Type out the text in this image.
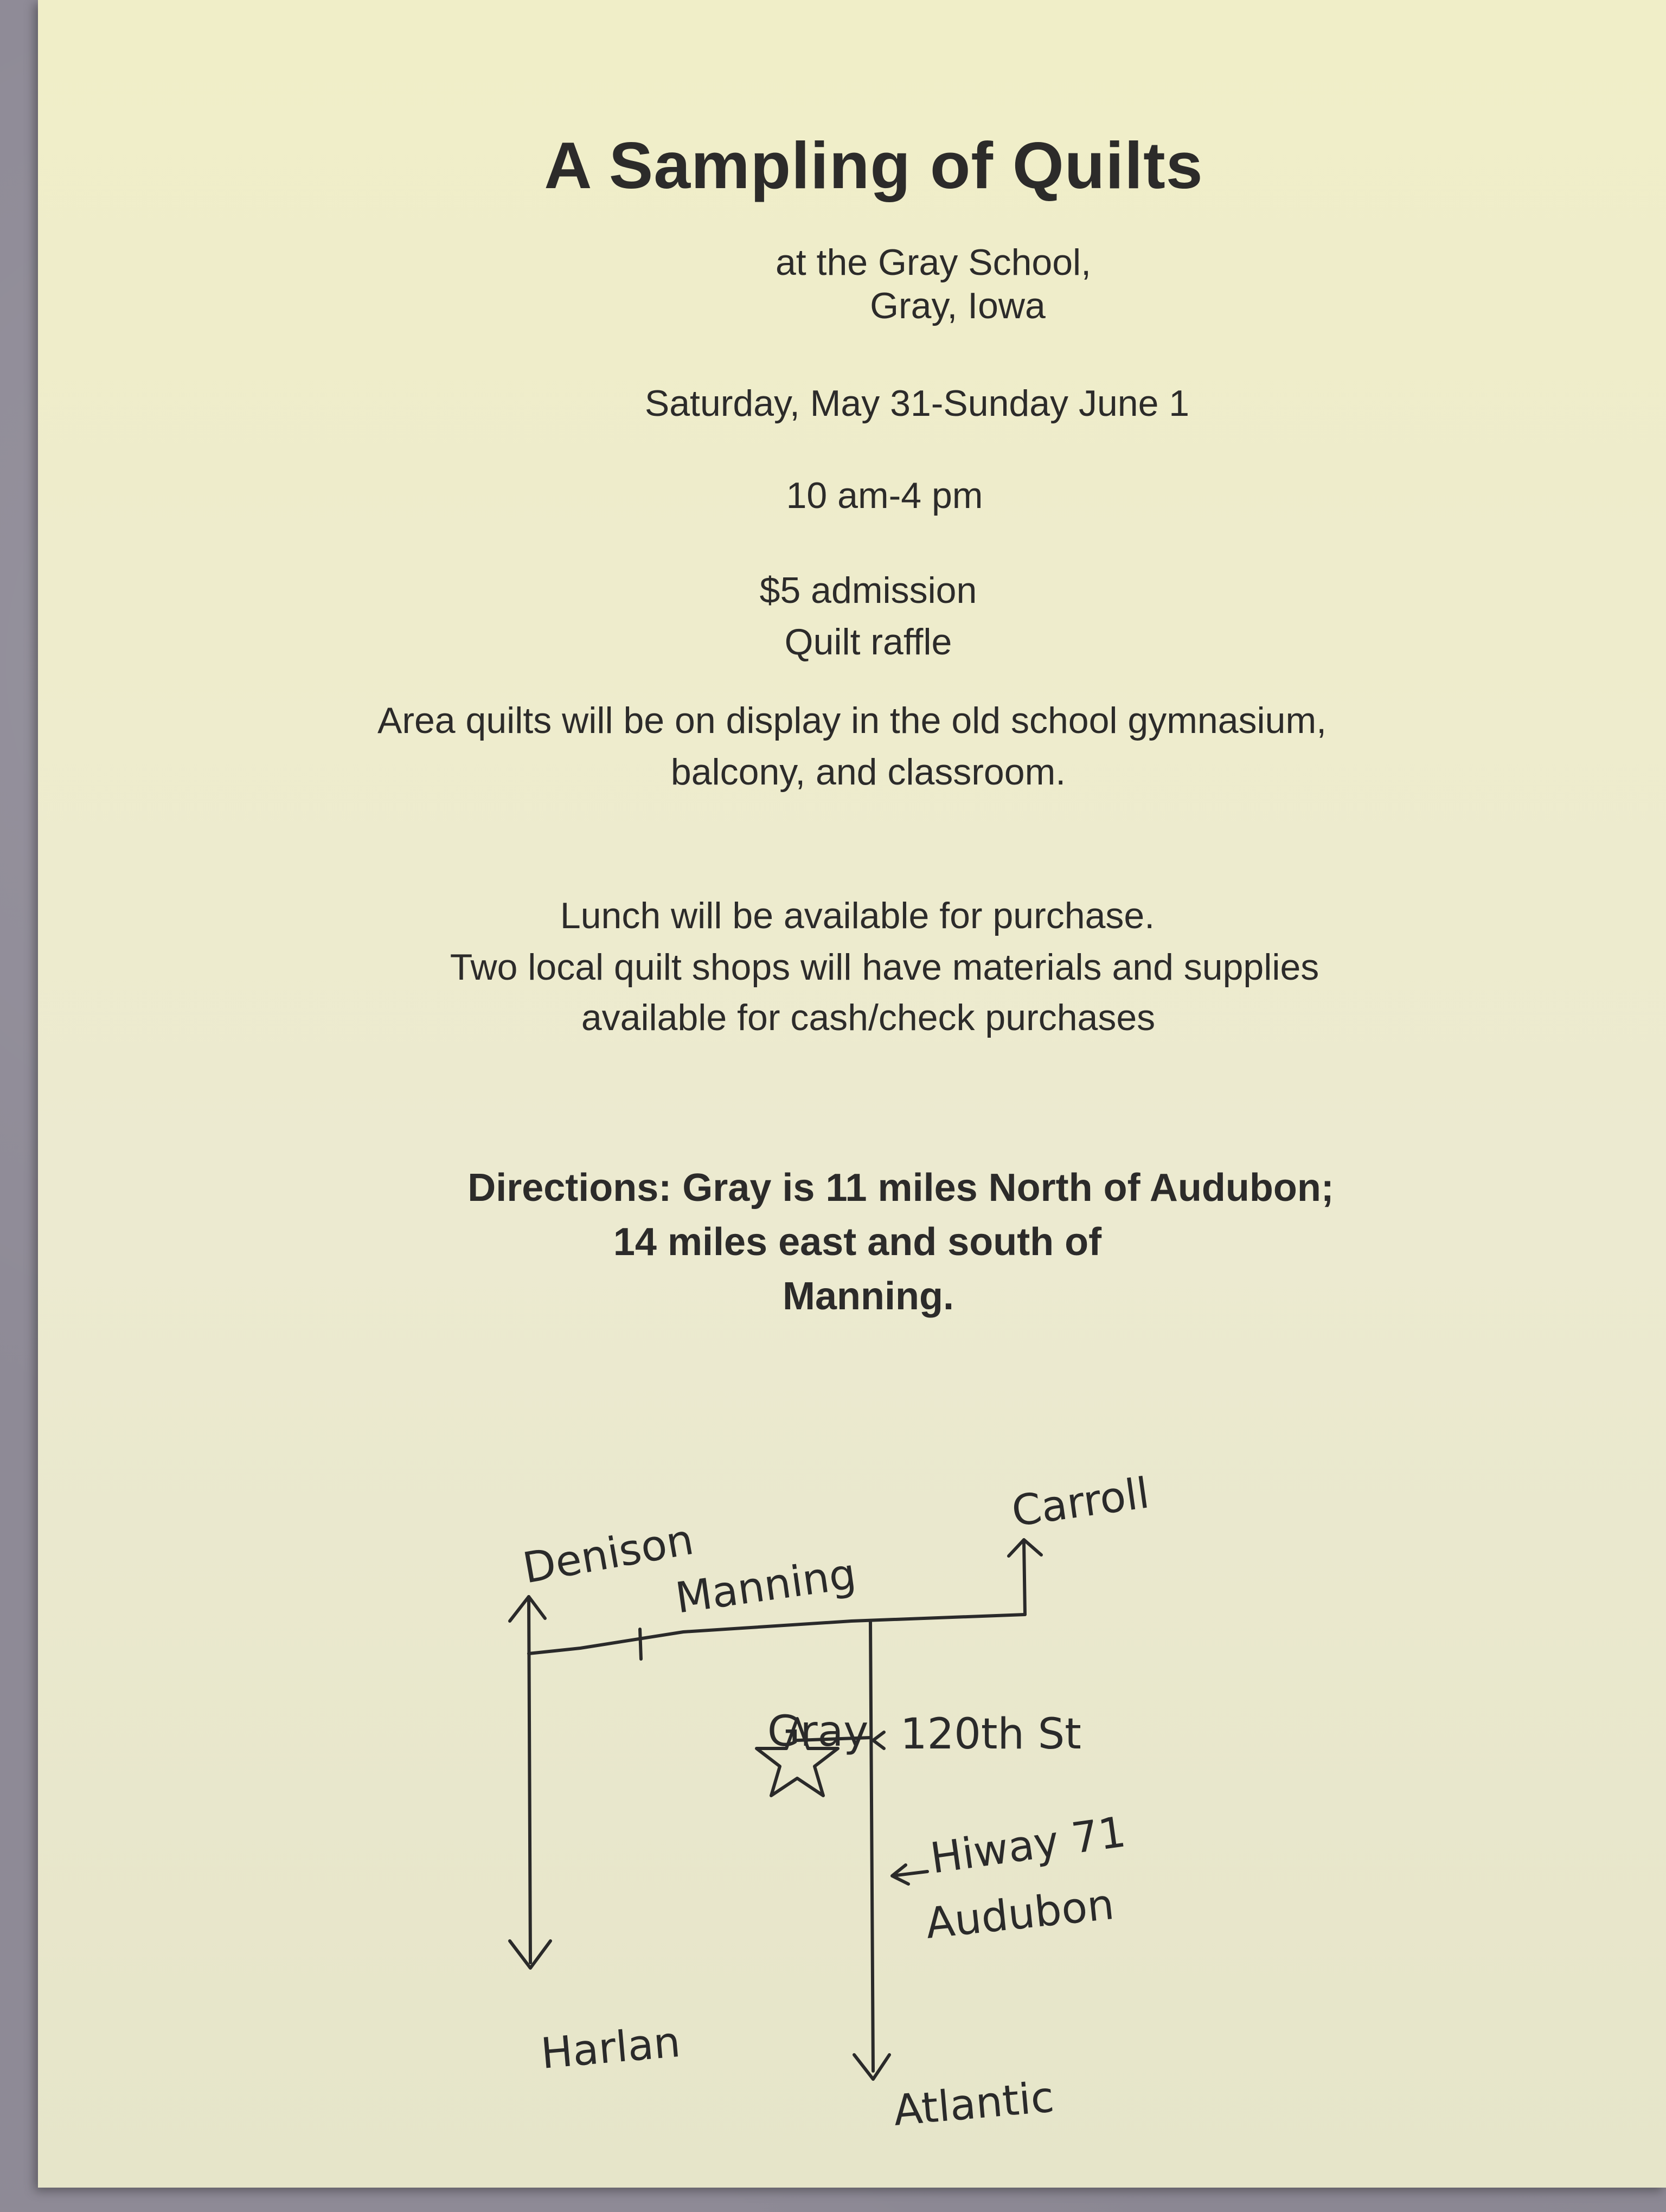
A Sampling of Quilts

at the Gray School,

Gray, Iowa

Saturday, May 31-Sunday June 1

10 am-4 pm

$5 admission

Quilt raffle

Area quilts will be on display in the old school gymnasium,

balcony, and classroom.

Lunch will be available for purchase.

Two local quilt shops will have materials and supplies

available for cash/check purchases

Directions: Gray is 11 miles North of Audubon;

14 miles east and south of

Manning.

Denison
Carroll
Manning
Gray 120th St
Hiway 71
Audubon
Harlan
Atlantic
